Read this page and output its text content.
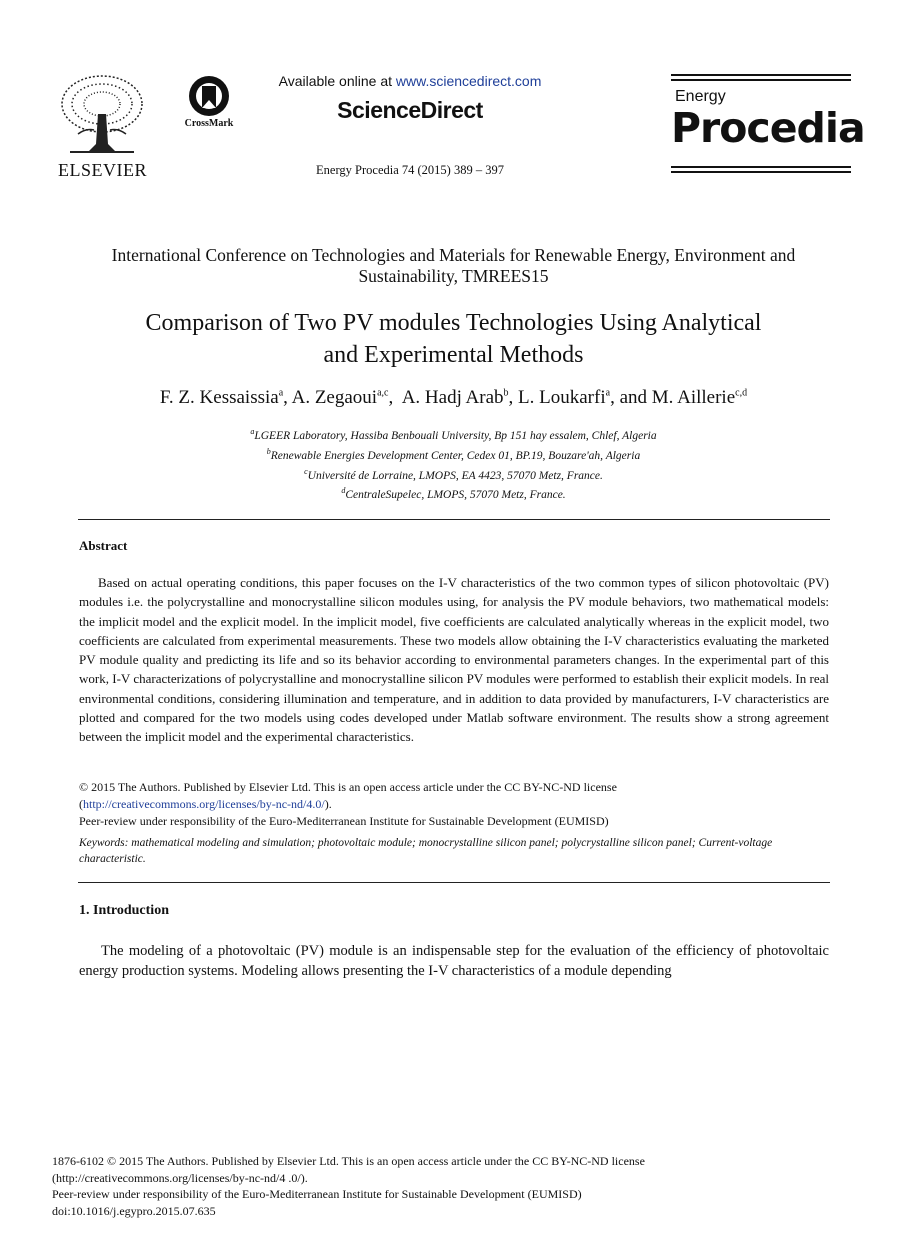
ELSEVIER
CrossMark
Available online at www.sciencedirect.com
ScienceDirect
Energy Procedia 74 (2015) 389 – 397
Energy
Procedia
International Conference on Technologies and Materials for Renewable Energy, Environment and Sustainability, TMREES15
Comparison of Two PV modules Technologies Using Analytical
and Experimental Methods
F. Z. Kessaissia$^a$, A. Zegaoui$^{a,c}$,  A. Hadj Arab$^b$, L. Loukarfi$^a$, and M. Aillerie$^{c,d}$
$^a$LGEER Laboratory, Hassiba Benbouali University, Bp 151 hay essalem, Chlef, Algeria
$^b$Renewable Energies Development Center, Cedex 01, BP.19, Bouzare'ah, Algeria
$^c$Université de Lorraine, LMOPS, EA 4423, 57070 Metz, France.
$^d$CentraleSupelec, LMOPS, 57070 Metz, France.
Abstract
Based on actual operating conditions, this paper focuses on the I-V characteristics of the two common types of silicon photovoltaic (PV) modules i.e. the polycrystalline and monocrystalline silicon modules using, for analysis the PV module behaviors, two mathematical models: the implicit model and the explicit model. In the implicit model, five coefficients are calculated analytically whereas in the explicit model, two coefficients are calculated from experimental measurements. These two models allow obtaining the I-V characteristics evaluating the marketed PV module quality and predicting its life and so its behavior according to environmental parameters changes. In the experimental part of this work, I-V characterizations of polycrystalline and monocrystalline silicon PV modules were performed to establish their explicit models. In real environmental conditions, considering illumination and temperature, and in addition to data provided by manufacturers, I-V characteristics are plotted and compared for the two models using codes developed under Matlab software environment. The results show a strong agreement between the implicit model and the experimental characteristics.
© 2015 The Authors. Published by Elsevier Ltd. This is an open access article under the CC BY-NC-ND license
(http://creativecommons.org/licenses/by-nc-nd/4.0/).
Peer-review under responsibility of the Euro-Mediterranean Institute for Sustainable Development (EUMISD)
Keywords: mathematical modeling and simulation; photovoltaic module; monocrystalline silicon panel; polycrystalline silicon panel; Current-voltage characteristic.
1. Introduction
The modeling of a photovoltaic (PV) module is an indispensable step for the evaluation of the efficiency of photovoltaic energy production systems. Modeling allows presenting the I-V characteristics of a module depending
1876-6102 © 2015 The Authors. Published by Elsevier Ltd. This is an open access article under the CC BY-NC-ND license
(http://creativecommons.org/licenses/by-nc-nd/4 .0/).
Peer-review under responsibility of the Euro-Mediterranean Institute for Sustainable Development (EUMISD)
doi:10.1016/j.egypro.2015.07.635
